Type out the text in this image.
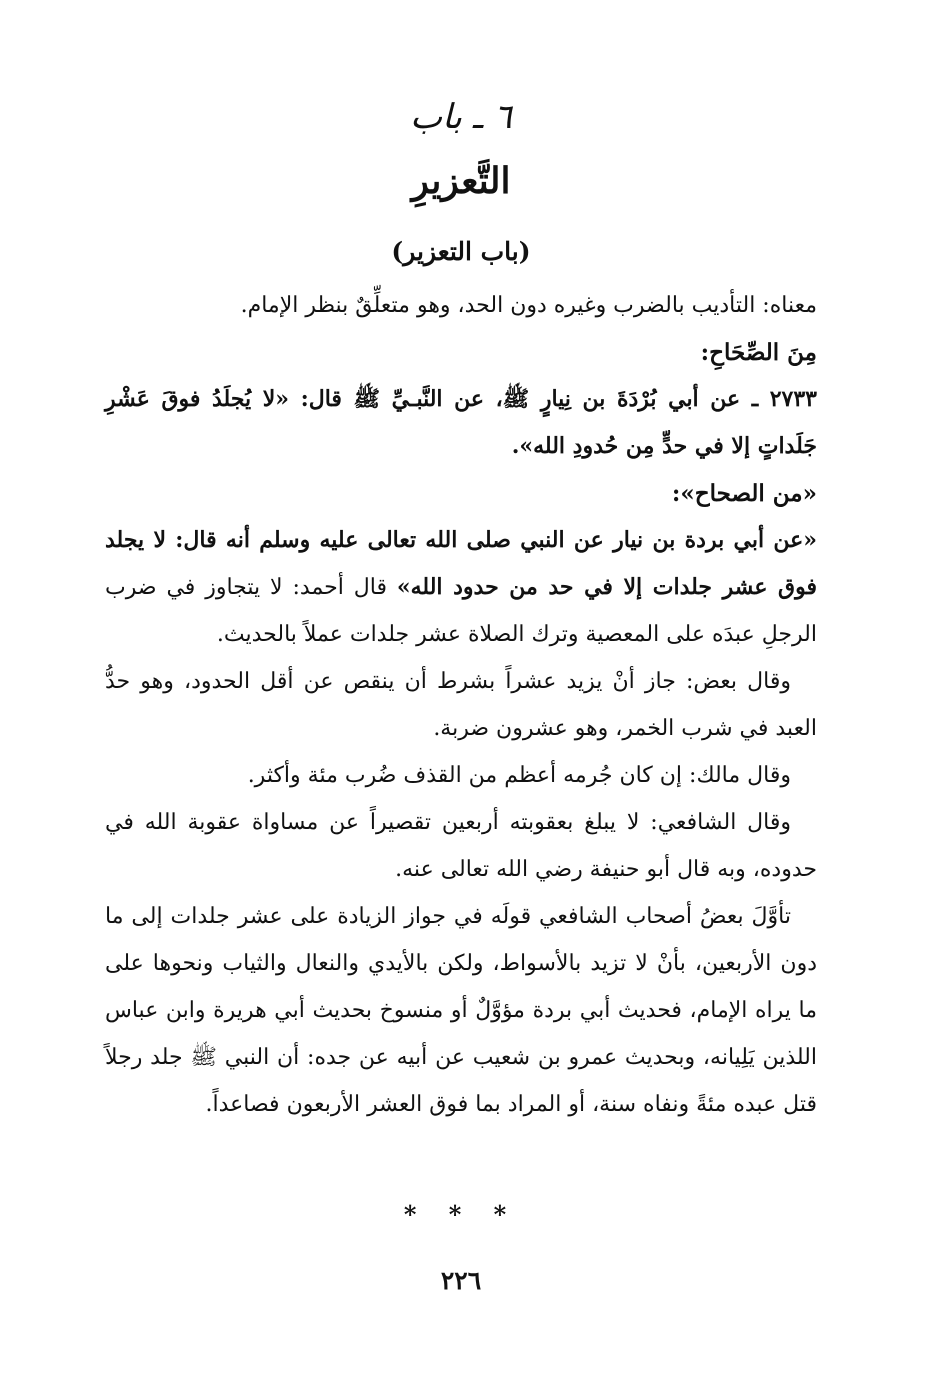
٦ ـ باب
التَّعزيرِ
(باب التعزير)

معناه: التأديب بالضرب وغيره دون الحد، وهو متعلِّقٌ بنظر الإمام.

مِنَ الصِّحَاحِ:

٢٧٣٣ ـ عن أبي بُرْدَةَ بن نِيارٍ ﷺ، عن النَّبـيِّ ﷺ قال: «لا يُجلَدُ فوقَ عَشْرِ جَلَداتٍ إلا في حدٍّ مِن حُدودِ الله».

«من الصحاح»:

«عن أبي بردة بن نيار عن النبي صلى الله تعالى عليه وسلم أنه قال: لا يجلد فوق عشر جلدات إلا في حد من حدود الله» قال أحمد: لا يتجاوز في ضرب الرجلِ عبدَه على المعصية وترك الصلاة عشر جلدات عملاً بالحديث.

وقال بعض: جاز أنْ يزيد عشراً بشرط أن ينقص عن أقل الحدود، وهو حدُّ العبد في شرب الخمر، وهو عشرون ضربة.

وقال مالك: إن كان جُرمه أعظم من القذف ضُرب مئة وأكثر.

وقال الشافعي: لا يبلغ بعقوبته أربعين تقصيراً عن مساواة عقوبة الله في حدوده، وبه قال أبو حنيفة رضي الله تعالى عنه.

تأوَّلَ بعضُ أصحاب الشافعي قولَه في جواز الزيادة على عشر جلدات إلى ما دون الأربعين، بأنْ لا تزيد بالأسواط، ولكن بالأيدي والنعال والثياب ونحوها على ما يراه الإمام، فحديث أبي بردة مؤوَّلٌ أو منسوخ بحديث أبي هريرة وابن عباس اللذين يَلِيانه، وبحديث عمرو بن شعيب عن أبيه عن جده: أن النبي ﷺ جلد رجلاً قتل عبده مئةً ونفاه سنة، أو المراد بما فوق العشر الأربعون فصاعداً.

* * *
٢٢٦
